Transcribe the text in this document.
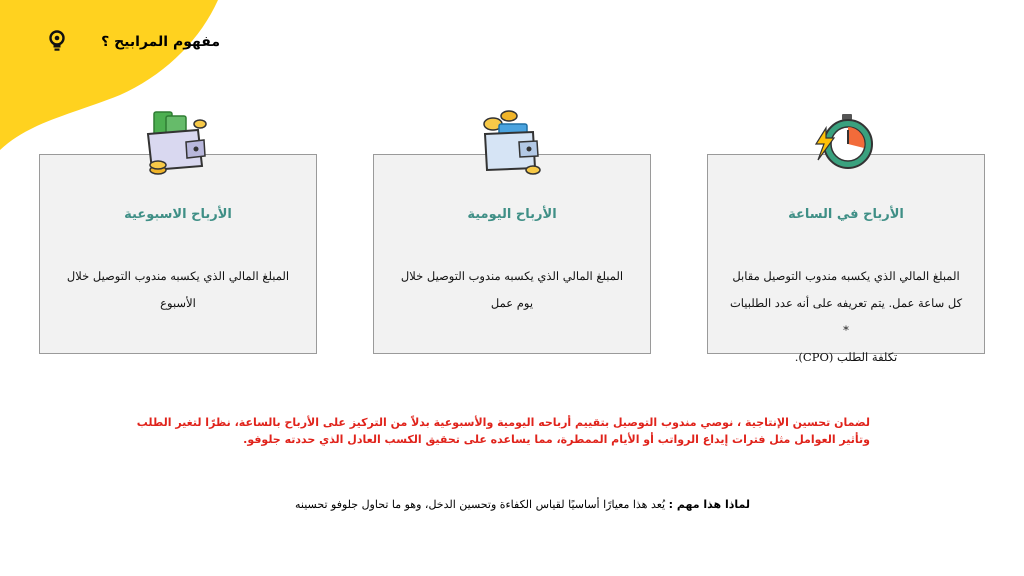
مفهوم المرابيح ؟
الأرباح الاسبوعية
المبلغ المالي الذي يكسبه مندوب التوصيل خلال
الأسبوع
الأرباح اليومية
المبلغ المالي الذي يكسبه مندوب التوصيل خلال
يوم عمل
الأرباح في الساعة
المبلغ المالي الذي يكسبه مندوب التوصيل مقابل
كل ساعة عمل. يتم تعريفه على أنه عدد الطلبيات *
تكلفة الطلب (CPO).
لضمان تحسين الإنتاجية ، نوصي مندوب التوصيل بتقييم أرباحه اليومية والأسبوعية بدلاً من التركيز على الأرباح بالساعة، نظرًا لتغير الطلب
وتأثير العوامل مثل فترات إيداع الرواتب أو الأيام الممطرة، مما يساعده على تحقيق الكسب العادل الذي حددته جلوفو.
لماذا هذا مهم : يُعد هذا معيارًا أساسيًا لقياس الكفاءة وتحسين الدخل، وهو ما تحاول جلوفو تحسينه
